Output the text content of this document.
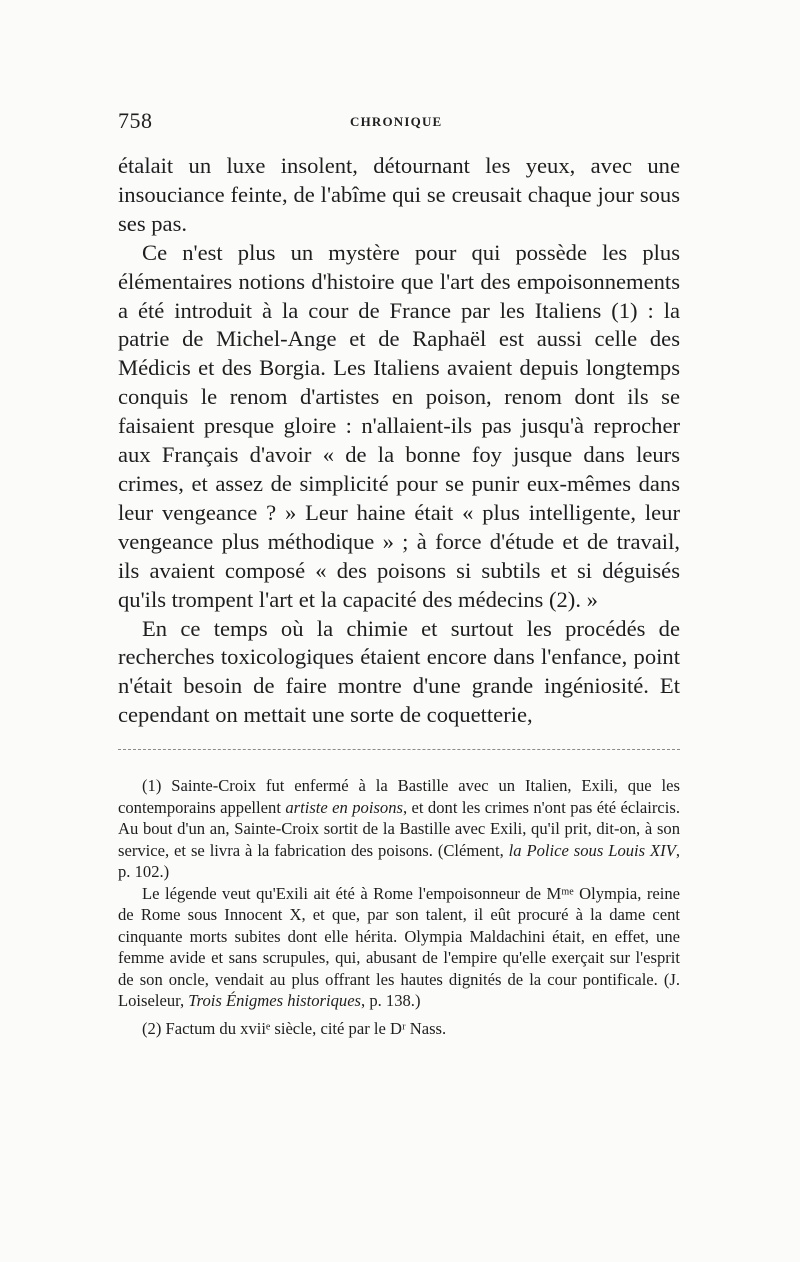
758	CHRONIQUE

étalait un luxe insolent, détournant les yeux, avec une insouciance feinte, de l'abîme qui se creusait chaque jour sous ses pas.

Ce n'est plus un mystère pour qui possède les plus élémentaires notions d'histoire que l'art des empoisonnements a été introduit à la cour de France par les Italiens (1) : la patrie de Michel-Ange et de Raphaël est aussi celle des Médicis et des Borgia. Les Italiens avaient depuis longtemps conquis le renom d'artistes en poison, renom dont ils se faisaient presque gloire : n'allaient-ils pas jusqu'à reprocher aux Français d'avoir « de la bonne foy jusque dans leurs crimes, et assez de simplicité pour se punir eux-mêmes dans leur vengeance ? » Leur haine était « plus intelligente, leur vengeance plus méthodique » ; à force d'étude et de travail, ils avaient composé « des poisons si subtils et si déguisés qu'ils trompent l'art et la capacité des médecins (2). »

En ce temps où la chimie et surtout les procédés de recherches toxicologiques étaient encore dans l'enfance, point n'était besoin de faire montre d'une grande ingéniosité. Et cependant on mettait une sorte de coquetterie,

(1) Sainte-Croix fut enfermé à la Bastille avec un Italien, Exili, que les contemporains appellent artiste en poisons, et dont les crimes n'ont pas été éclaircis. Au bout d'un an, Sainte-Croix sortit de la Bastille avec Exili, qu'il prit, dit-on, à son service, et se livra à la fabrication des poisons. (Clément, la Police sous Louis XIV, p. 102.)

Le légende veut qu'Exili ait été à Rome l'empoisonneur de Mᵐᵉ Olympia, reine de Rome sous Innocent X, et que, par son talent, il eût procuré à la dame cent cinquante morts subites dont elle hérita. Olympia Maldachini était, en effet, une femme avide et sans scrupules, qui, abusant de l'empire qu'elle exerçait sur l'esprit de son oncle, vendait au plus offrant les hautes dignités de la cour pontificale. (J. Loiseleur, Trois Énigmes historiques, p. 138.)

(2) Factum du xviiᵉ siècle, cité par le Dʳ Nass.
